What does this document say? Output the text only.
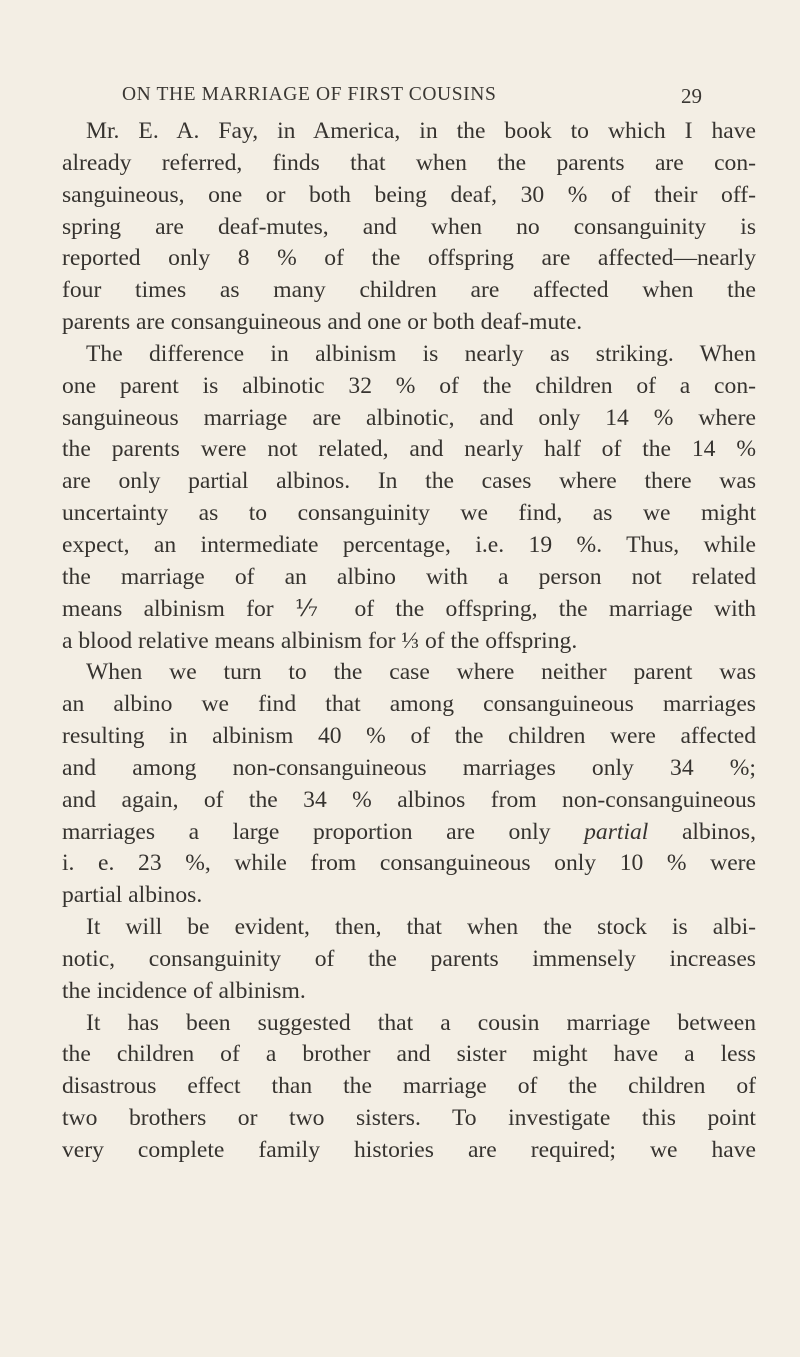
ON THE MARRIAGE OF FIRST COUSINS	29
Mr. E. A. Fay, in America, in the book to which I have
already referred, finds that when the parents are con-
sanguineous, one or both being deaf, 30 % of their off-
spring are deaf-mutes, and when no consanguinity is
reported only 8 % of the offspring are affected—nearly
four times as many children are affected when the
parents are consanguineous and one or both deaf-mute.
The difference in albinism is nearly as striking. When
one parent is albinotic 32 % of the children of a con-
sanguineous marriage are albinotic, and only 14 % where
the parents were not related, and nearly half of the 14 %
are only partial albinos. In the cases where there was
uncertainty as to consanguinity we find, as we might
expect, an intermediate percentage, i.e. 19 %. Thus, while
the marriage of an albino with a person not related
means albinism for ⅐ of the offspring, the marriage with
a blood relative means albinism for ⅓ of the offspring.
When we turn to the case where neither parent was
an albino we find that among consanguineous marriages
resulting in albinism 40 % of the children were affected
and among non-consanguineous marriages only 34 %;
and again, of the 34 % albinos from non-consanguineous
marriages a large proportion are only partial albinos,
i. e. 23 %, while from consanguineous only 10 % were
partial albinos.
It will be evident, then, that when the stock is albi-
notic, consanguinity of the parents immensely increases
the incidence of albinism.
It has been suggested that a cousin marriage between
the children of a brother and sister might have a less
disastrous effect than the marriage of the children of
two brothers or two sisters. To investigate this point
very complete family histories are required; we have
